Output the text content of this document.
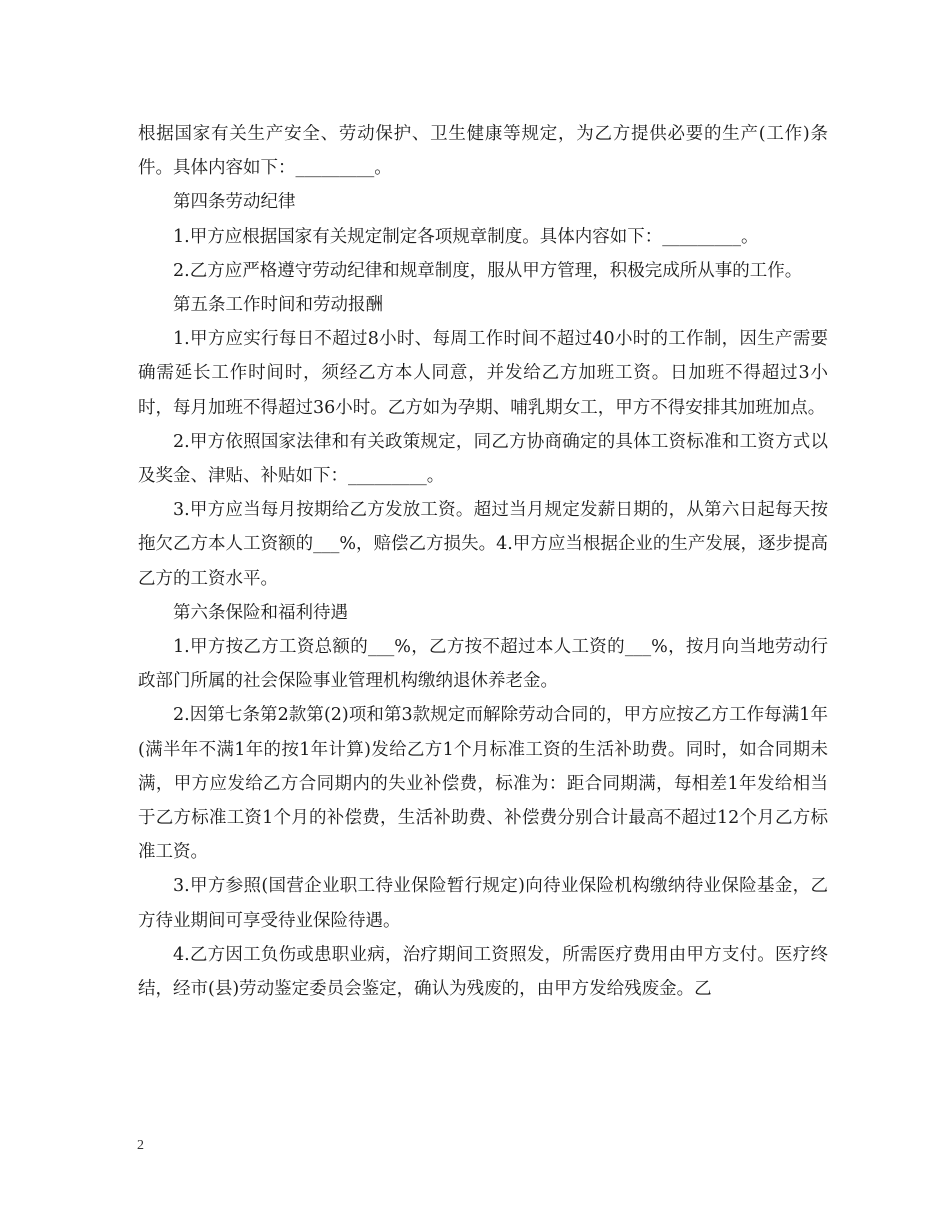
根据国家有关生产安全、劳动保护、卫生健康等规定，为乙方提供必要的生产(工作)条件。具体内容如下：_________。

第四条劳动纪律

1.甲方应根据国家有关规定制定各项规章制度。具体内容如下：_________。

2.乙方应严格遵守劳动纪律和规章制度，服从甲方管理，积极完成所从事的工作。

第五条工作时间和劳动报酬

1.甲方应实行每日不超过8小时、每周工作时间不超过40小时的工作制，因生产需要确需延长工作时间时，须经乙方本人同意，并发给乙方加班工资。日加班不得超过3小时，每月加班不得超过36小时。乙方如为孕期、哺乳期女工，甲方不得安排其加班加点。

2.甲方依照国家法律和有关政策规定，同乙方协商确定的具体工资标准和工资方式以及奖金、津贴、补贴如下：_________。

3.甲方应当每月按期给乙方发放工资。超过当月规定发薪日期的，从第六日起每天按拖欠乙方本人工资额的___%，赔偿乙方损失。4.甲方应当根据企业的生产发展，逐步提高乙方的工资水平。

第六条保险和福利待遇

1.甲方按乙方工资总额的___%，乙方按不超过本人工资的___%，按月向当地劳动行政部门所属的社会保险事业管理机构缴纳退休养老金。

2.因第七条第2款第(2)项和第3款规定而解除劳动合同的，甲方应按乙方工作每满1年(满半年不满1年的按1年计算)发给乙方1个月标准工资的生活补助费。同时，如合同期未满，甲方应发给乙方合同期内的失业补偿费，标准为：距合同期满，每相差1年发给相当于乙方标准工资1个月的补偿费，生活补助费、补偿费分别合计最高不超过12个月乙方标准工资。

3.甲方参照(国营企业职工待业保险暂行规定)向待业保险机构缴纳待业保险基金，乙方待业期间可享受待业保险待遇。

4.乙方因工负伤或患职业病，治疗期间工资照发，所需医疗费用由甲方支付。医疗终结，经市(县)劳动鉴定委员会鉴定，确认为残废的，由甲方发给残废金。乙

2
